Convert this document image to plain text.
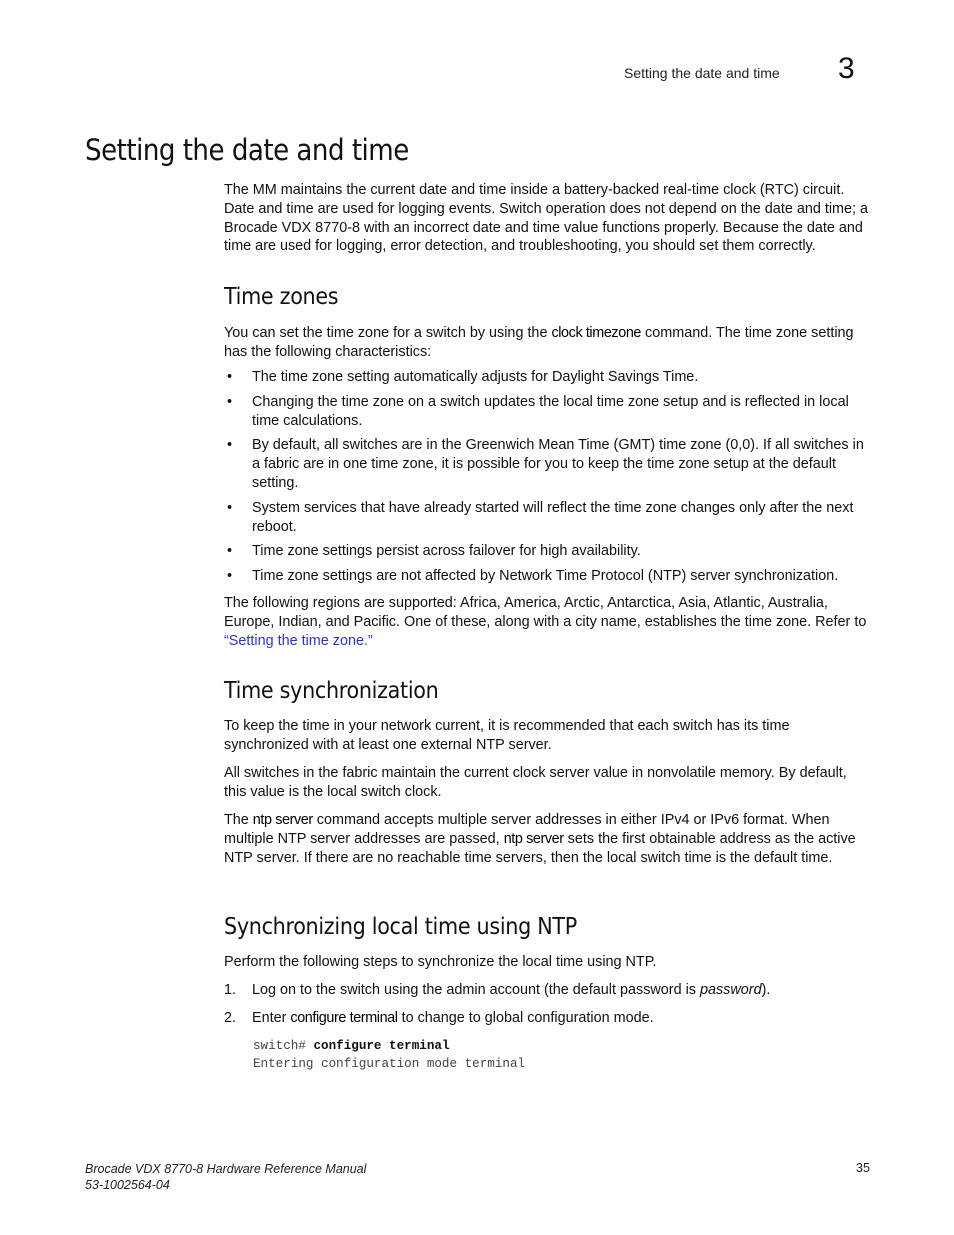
Setting the date and time 3
Setting the date and time

The MM maintains the current date and time inside a battery-backed real-time clock (RTC) circuit. Date and time are used for logging events. Switch operation does not depend on the date and time; a Brocade VDX 8770-8 with an incorrect date and time value functions properly. Because the date and time are used for logging, error detection, and troubleshooting, you should set them correctly.

Time zones

You can set the time zone for a switch by using the clock timezone command. The time zone setting has the following characteristics:

• The time zone setting automatically adjusts for Daylight Savings Time.
• Changing the time zone on a switch updates the local time zone setup and is reflected in local time calculations.
• By default, all switches are in the Greenwich Mean Time (GMT) time zone (0,0). If all switches in a fabric are in one time zone, it is possible for you to keep the time zone setup at the default setting.
• System services that have already started will reflect the time zone changes only after the next reboot.
• Time zone settings persist across failover for high availability.
• Time zone settings are not affected by Network Time Protocol (NTP) server synchronization.

The following regions are supported: Africa, America, Arctic, Antarctica, Asia, Atlantic, Australia, Europe, Indian, and Pacific. One of these, along with a city name, establishes the time zone. Refer to “Setting the time zone.”

Time synchronization

To keep the time in your network current, it is recommended that each switch has its time synchronized with at least one external NTP server.

All switches in the fabric maintain the current clock server value in nonvolatile memory. By default, this value is the local switch clock.

The ntp server command accepts multiple server addresses in either IPv4 or IPv6 format. When multiple NTP server addresses are passed, ntp server sets the first obtainable address as the active NTP server. If there are no reachable time servers, then the local switch time is the default time.

Synchronizing local time using NTP

Perform the following steps to synchronize the local time using NTP.

1. Log on to the switch using the admin account (the default password is password).
2. Enter configure terminal to change to global configuration mode.
switch# configure terminal
Entering configuration mode terminal
Brocade VDX 8770-8 Hardware Reference Manual
53-1002564-04
35
